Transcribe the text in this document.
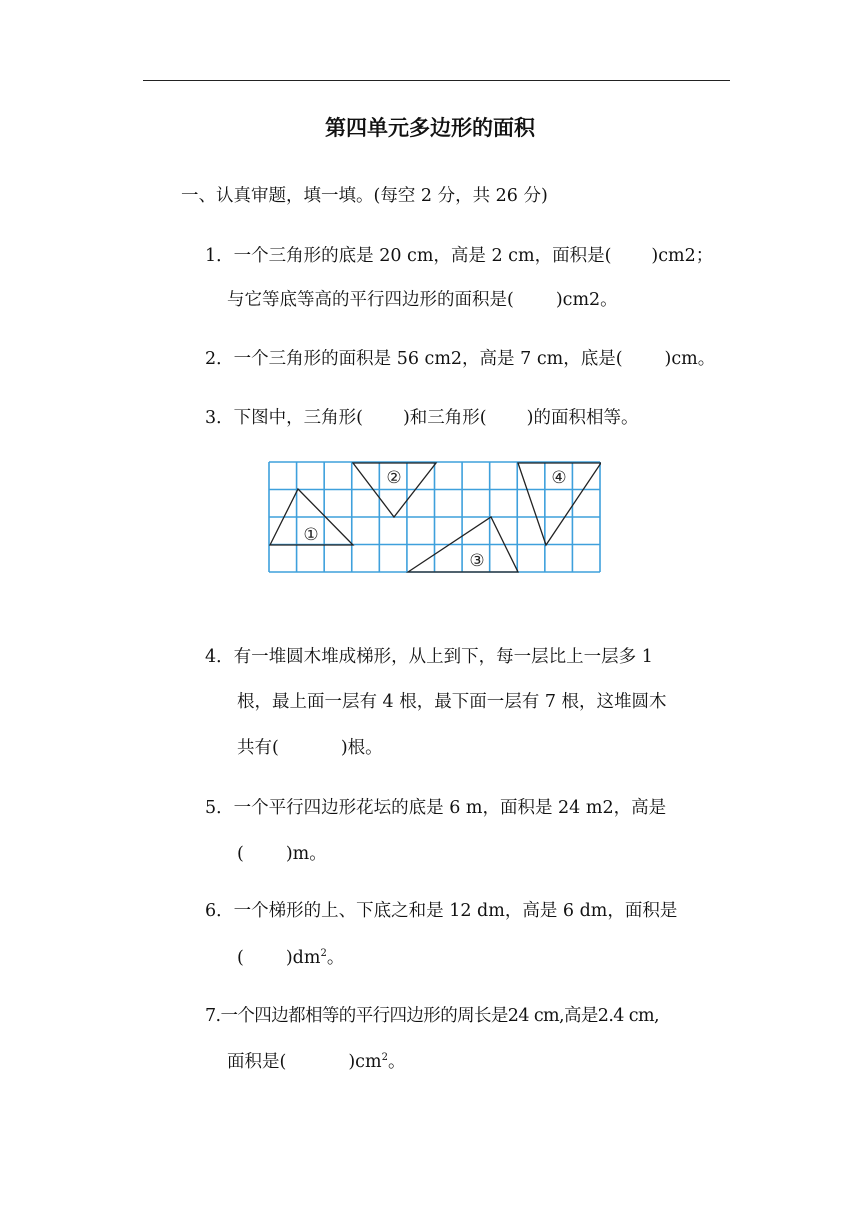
第四单元多边形的面积
一、认真审题，填一填。(每空 2 分，共 26 分)
1．一个三角形的底是 20 cm，高是 2 cm，面积是( )cm2；
与它等底等高的平行四边形的面积是( )cm2。
2．一个三角形的面积是 56 cm2，高是 7 cm，底是( )cm。
3．下图中，三角形( )和三角形( )的面积相等。
①
②
③
④
4．有一堆圆木堆成梯形，从上到下，每一层比上一层多 1
根，最上面一层有 4 根，最下面一层有 7 根，这堆圆木
共有(	)根。
5．一个平行四边形花坛的底是 6 m，面积是 24 m2，高是
( )m。
6．一个梯形的上、下底之和是 12 dm，高是 6 dm，面积是
( )$dm^2$。
7.一个四边都相等的平行四边形的周长是24 cm,高是2.4 cm,
面积是(	)$cm^2$。
